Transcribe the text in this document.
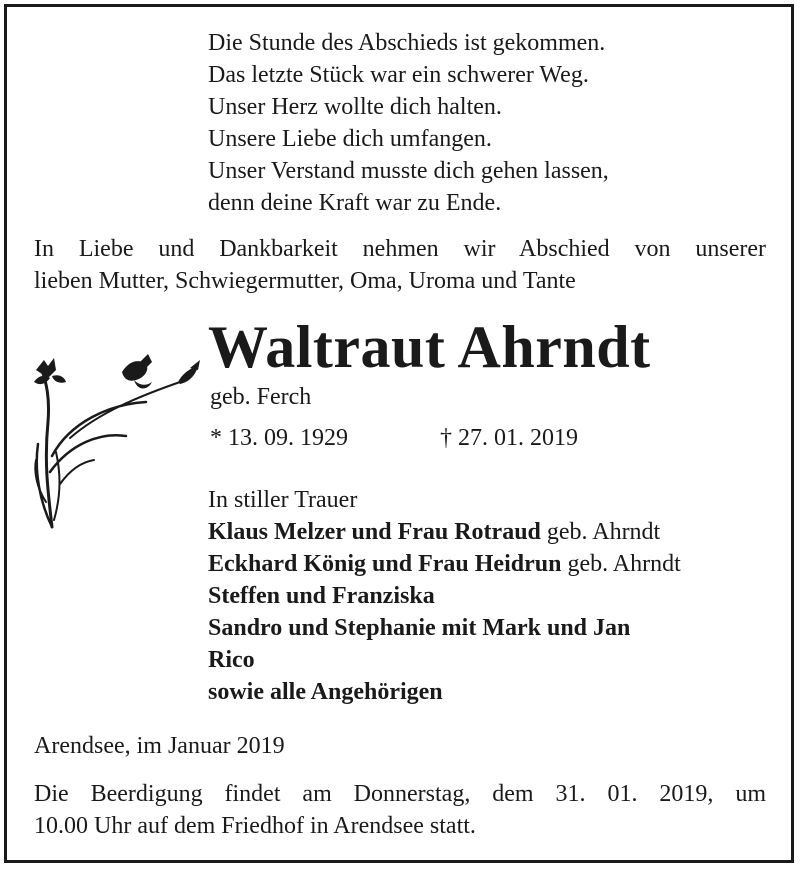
Die Stunde des Abschieds ist gekommen.
Das letzte Stück war ein schwerer Weg.
Unser Herz wollte dich halten.
Unsere Liebe dich umfangen.
Unser Verstand musste dich gehen lassen,
denn deine Kraft war zu Ende.
In Liebe und Dankbarkeit nehmen wir Abschied von unserer
lieben Mutter, Schwiegermutter, Oma, Uroma und Tante
Waltraut Ahrndt
geb. Ferch
* 13. 09. 1929	† 27. 01. 2019
In stiller Trauer
Klaus Melzer und Frau Rotraud geb. Ahrndt
Eckhard König und Frau Heidrun geb. Ahrndt
Steffen und Franziska
Sandro und Stephanie mit Mark und Jan
Rico
sowie alle Angehörigen
Arendsee, im Januar 2019
Die Beerdigung findet am Donnerstag, dem 31. 01. 2019, um
10.00 Uhr auf dem Friedhof in Arendsee statt.
